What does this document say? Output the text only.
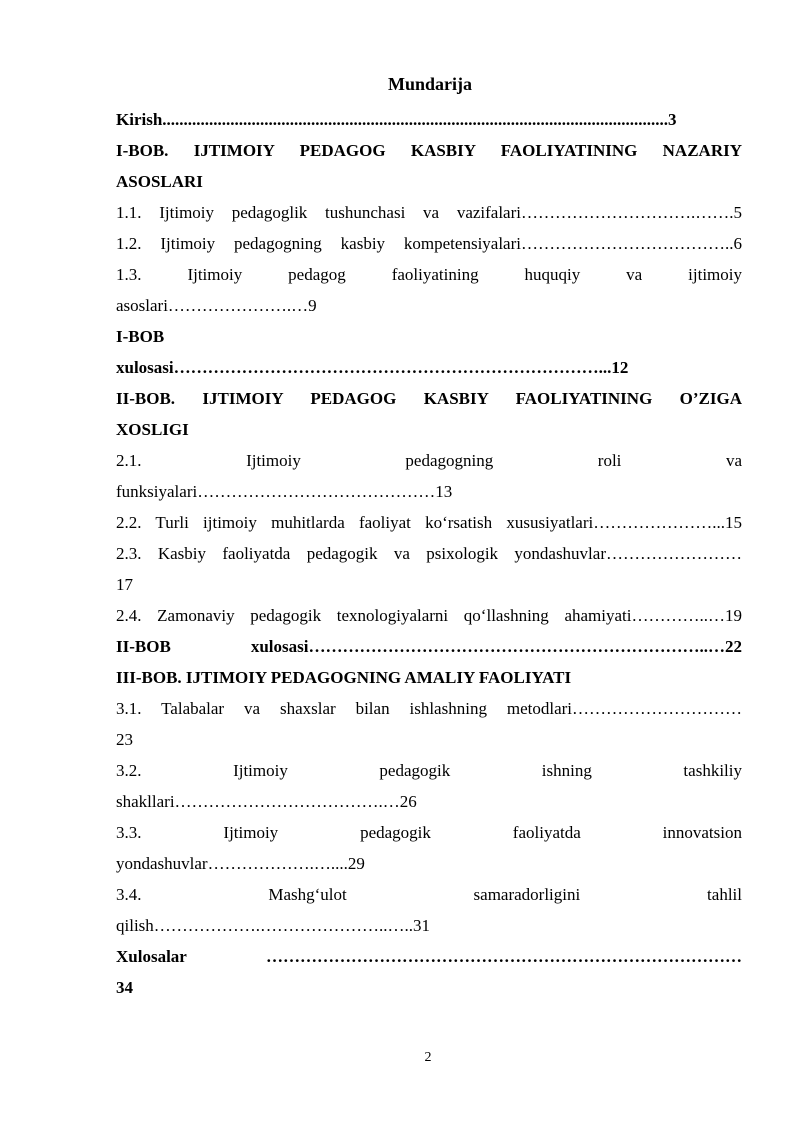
Mundarija
Kirish.......................................................................................................................3
I-BOB. IJTIMOIY PEDAGOG KASBIY FAOLIYATINING NAZARIY
ASOSLARI
1.1. Ijtimoiy pedagoglik tushunchasi va vazifalari………………………….…….5
1.2. Ijtimoiy pedagogning kasbiy kompetensiyalari………………………………..6
1.3. Ijtimoiy pedagog faoliyatining huquqiy va ijtimoiy
asoslari………………….…9
I-BOB
xulosasi…………………………………………………………………...12
II-BOB. IJTIMOIY PEDAGOG KASBIY FAOLIYATINING O’ZIGA
XOSLIGI
2.1. Ijtimoiy pedagogning roli va
funksiyalari……………………………………13
2.2. Turli ijtimoiy muhitlarda faoliyat ko‘rsatish xususiyatlari…………………...15
2.3. Kasbiy faoliyatda pedagogik va psixologik yondashuvlar……………………
17
2.4. Zamonaviy pedagogik texnologiyalarni qo‘llashning ahamiyati…………..…19
II-BOB xulosasi……………………………………………………………..…22
III-BOB. IJTIMOIY PEDAGOGNING AMALIY FAOLIYATI
3.1. Talabalar va shaxslar bilan ishlashning metodlari…………………………
23
3.2. Ijtimoiy pedagogik ishning tashkiliy
shakllari……………………………….…26
3.3. Ijtimoiy pedagogik faoliyatda innovatsion
yondashuvlar……………….…....29
3.4. Mashg‘ulot samaradorligini tahlil
qilish……………….…………………..…..31
Xulosalar …………………………………………………………………………
34
2
